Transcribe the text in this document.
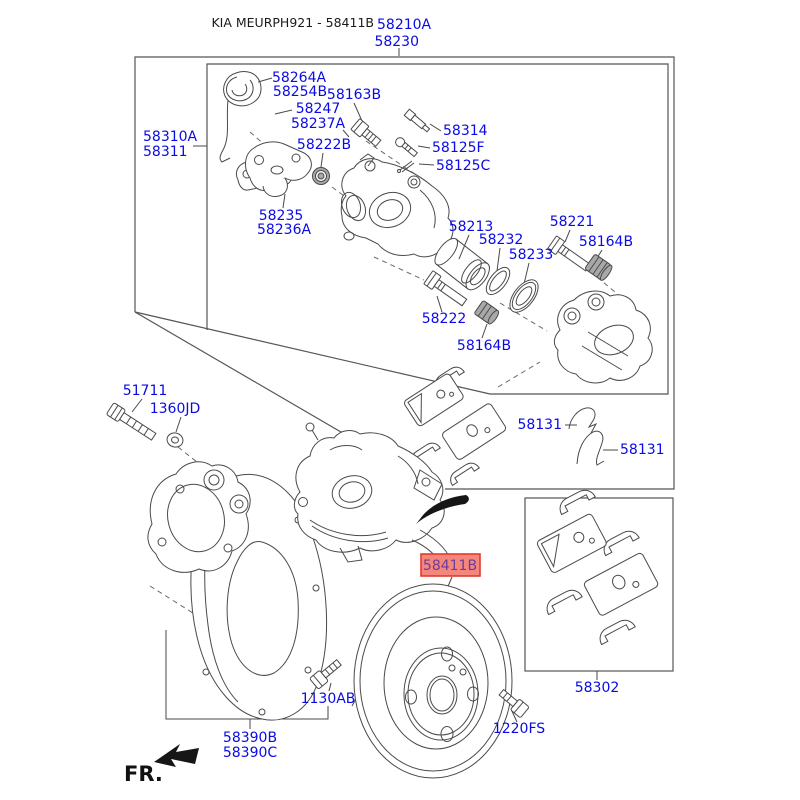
KIA MEURPH921 - 58411B 58210A
58230
58264A
58254B 58163B
58247
58237A
58310A
58311	58222B
58314
58125F
58125C
58235
58236A	58213
58232
58233
58221
58164B
58222
58164B
51711
1360JD
58131
58131
58411B
58302
1130AB
1220FS
58390B
58390C
FR.
